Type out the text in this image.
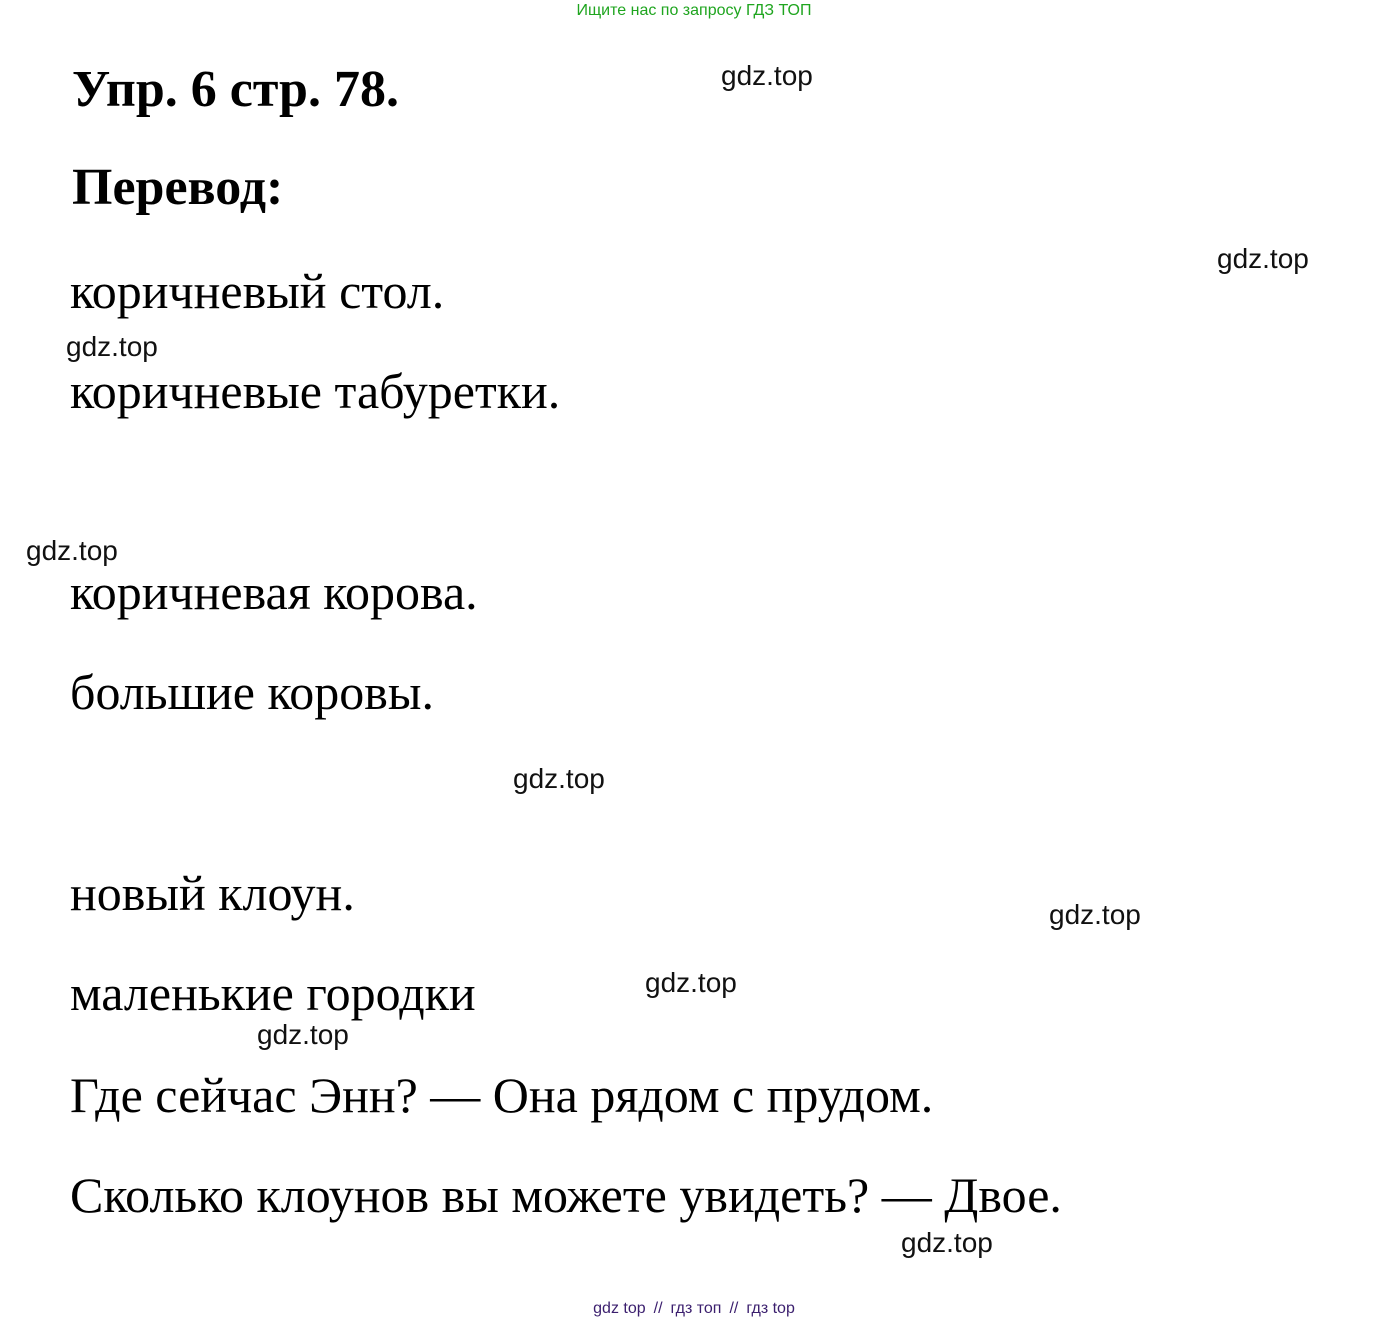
Ищите нас по запросу ГДЗ ТОП
Упр. 6 стр. 78.
Перевод:
коричневый стол.
коричневые табуретки.
коричневая корова.
большие коровы.
новый клоун.
маленькие городки
Где сейчас Энн? — Она рядом с прудом.
Сколько клоунов вы можете увидеть? — Двое.
gdz.top
gdz.top
gdz.top
gdz.top
gdz.top
gdz.top
gdz.top
gdz.top
gdz.top
gdz top // гдз топ // гдз top
